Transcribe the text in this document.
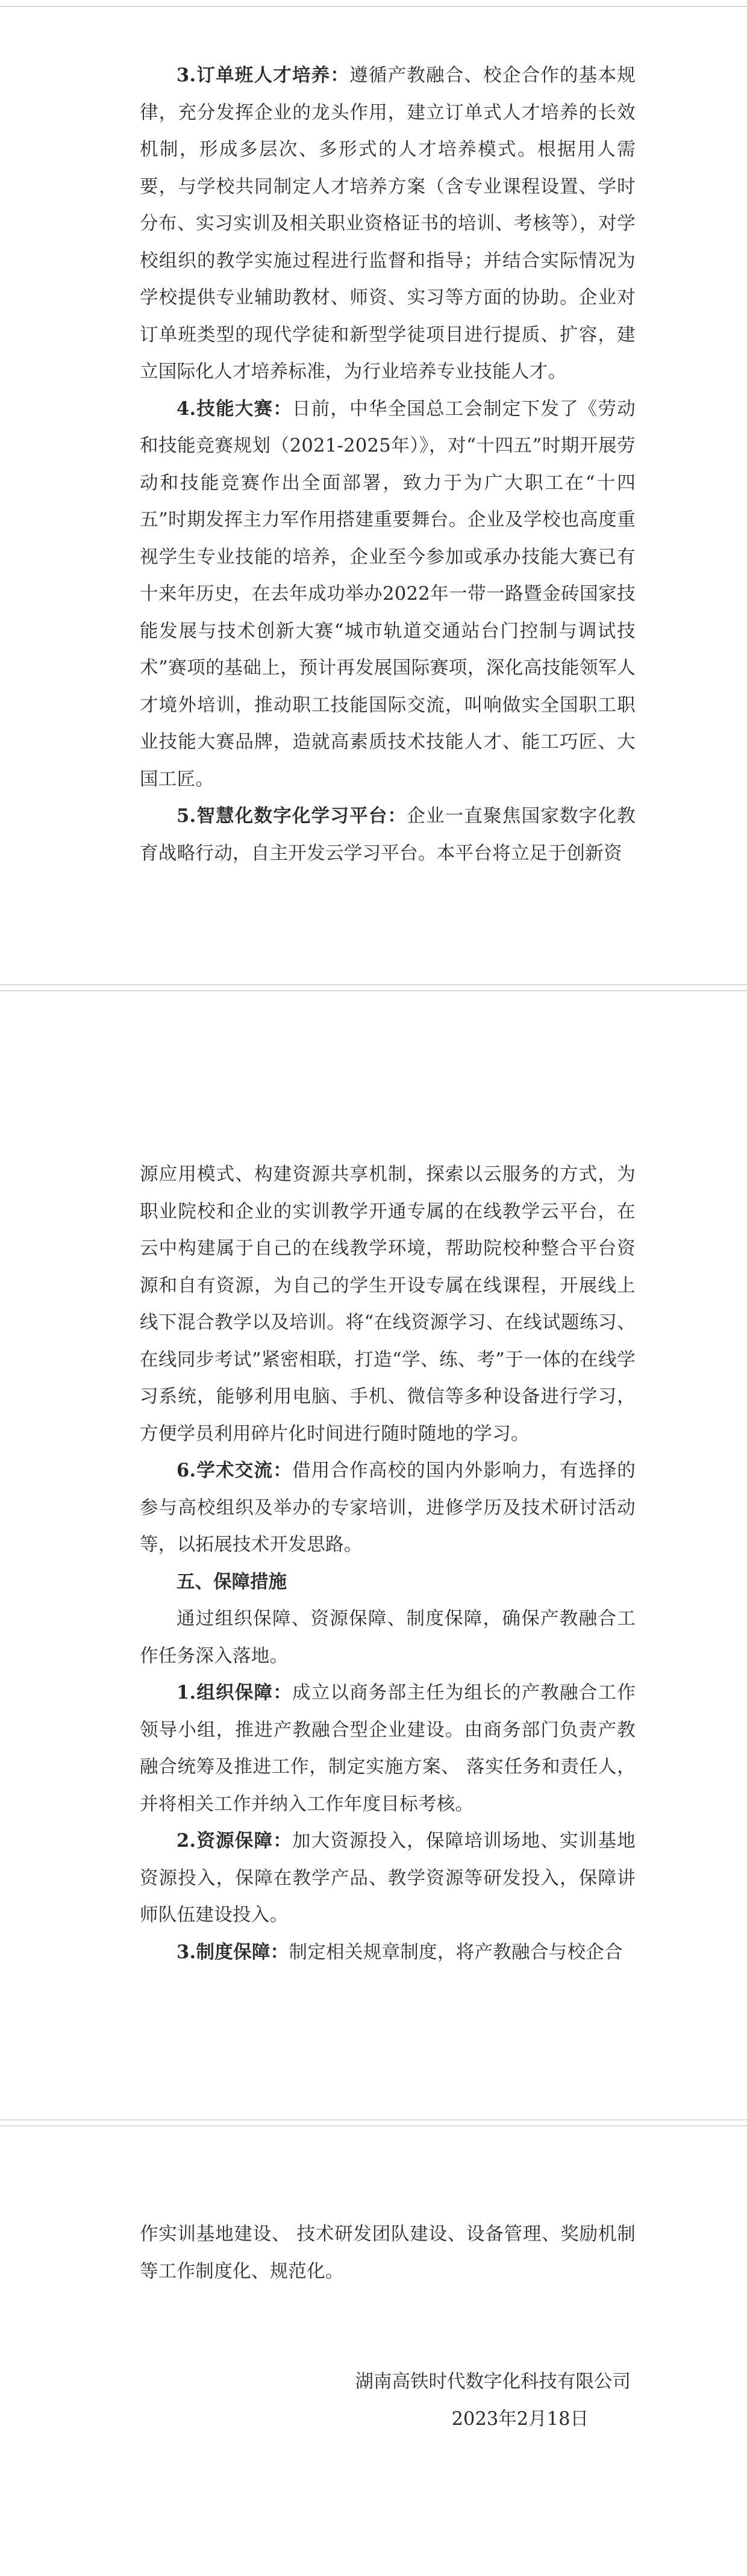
3.订单班人才培养：遵循产教融合、校企合作的基本规律，充分发挥企业的龙头作用，建立订单式人才培养的长效机制，形成多层次、多形式的人才培养模式。根据用人需要，与学校共同制定人才培养方案（含专业课程设置、学时分布、实习实训及相关职业资格证书的培训、考核等），对学校组织的教学实施过程进行监督和指导；并结合实际情况为学校提供专业辅助教材、师资、实习等方面的协助。企业对订单班类型的现代学徒和新型学徒项目进行提质、扩容，建立国际化人才培养标准，为行业培养专业技能人才。

4.技能大赛：日前，中华全国总工会制定下发了《劳动和技能竞赛规划（2021-2025年）》，对“十四五”时期开展劳动和技能竞赛作出全面部署，致力于为广大职工在“十四五”时期发挥主力军作用搭建重要舞台。企业及学校也高度重视学生专业技能的培养，企业至今参加或承办技能大赛已有十来年历史，在去年成功举办2022年一带一路暨金砖国家技能发展与技术创新大赛“城市轨道交通站台门控制与调试技术”赛项的基础上，预计再发展国际赛项，深化高技能领军人才境外培训，推动职工技能国际交流，叫响做实全国职工职业技能大赛品牌，造就高素质技术技能人才、能工巧匠、大国工匠。

5.智慧化数字化学习平台：企业一直聚焦国家数字化教育战略行动，自主开发云学习平台。本平台将立足于创新资

源应用模式、构建资源共享机制，探索以云服务的方式，为职业院校和企业的实训教学开通专属的在线教学云平台，在云中构建属于自己的在线教学环境，帮助院校种整合平台资源和自有资源，为自己的学生开设专属在线课程，开展线上线下混合教学以及培训。将“在线资源学习、在线试题练习、在线同步考试”紧密相联，打造“学、练、考”于一体的在线学习系统，能够利用电脑、手机、微信等多种设备进行学习，方便学员利用碎片化时间进行随时随地的学习。

6.学术交流：借用合作高校的国内外影响力，有选择的参与高校组织及举办的专家培训，进修学历及技术研讨活动等，以拓展技术开发思路。

五、保障措施

通过组织保障、资源保障、制度保障，确保产教融合工作任务深入落地。

1.组织保障：成立以商务部主任为组长的产教融合工作领导小组，推进产教融合型企业建设。由商务部门负责产教融合统筹及推进工作，制定实施方案、 落实任务和责任人，并将相关工作并纳入工作年度目标考核。

2.资源保障：加大资源投入，保障培训场地、实训基地资源投入，保障在教学产品、教学资源等研发投入，保障讲师队伍建设投入。

3.制度保障：制定相关规章制度，将产教融合与校企合

作实训基地建设、 技术研发团队建设、设备管理、奖励机制等工作制度化、规范化。

湖南高铁时代数字化科技有限公司
2023年2月18日
